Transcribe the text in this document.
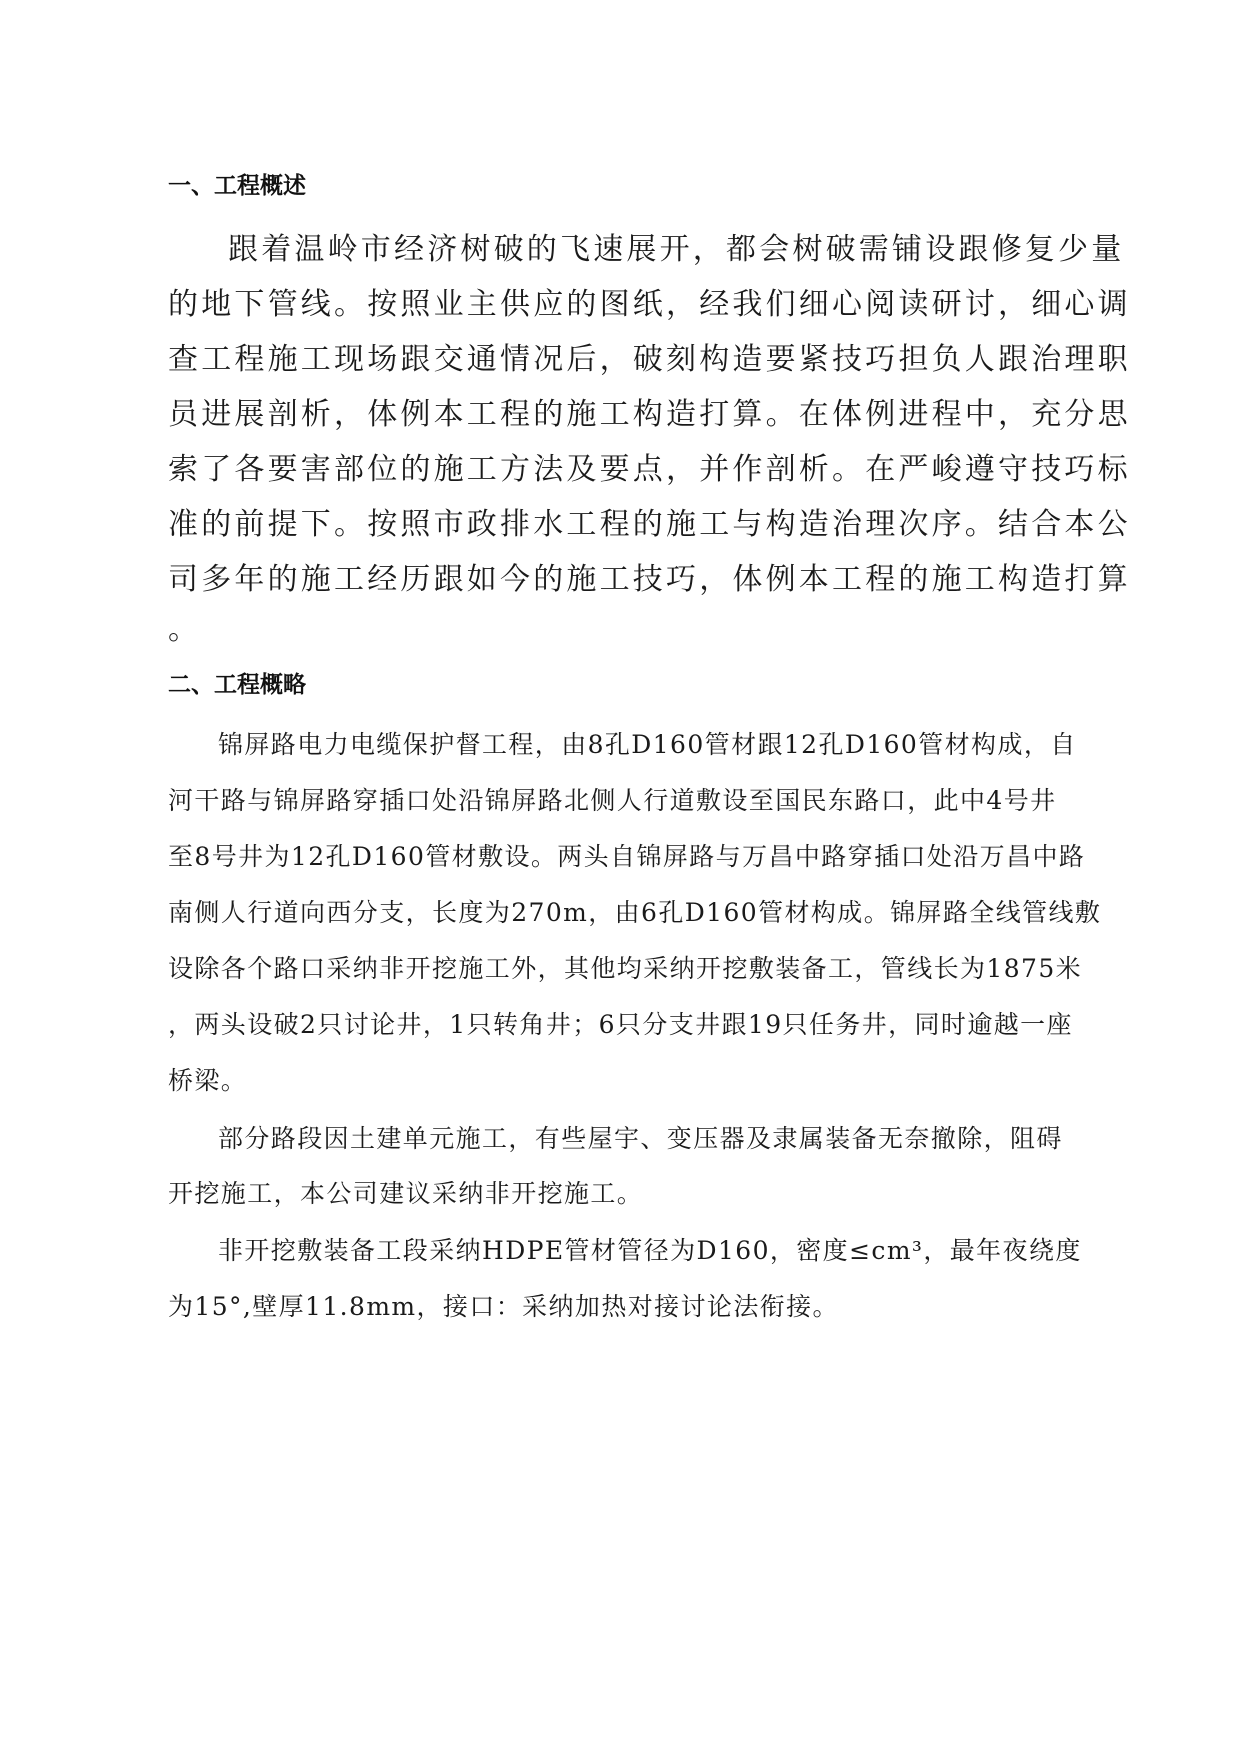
一、工程概述
跟着温岭市经济树破的飞速展开，都会树破需铺设跟修复少量
的地下管线。按照业主供应的图纸，经我们细心阅读研讨，细心调
查工程施工现场跟交通情况后，破刻构造要紧技巧担负人跟治理职
员进展剖析，体例本工程的施工构造打算。在体例进程中，充分思
索了各要害部位的施工方法及要点，并作剖析。在严峻遵守技巧标
准的前提下。按照市政排水工程的施工与构造治理次序。结合本公
司多年的施工经历跟如今的施工技巧，体例本工程的施工构造打算
。
二、工程概略
锦屏路电力电缆保护督工程，由8孔D160管材跟12孔D160管材构成，自
河干路与锦屏路穿插口处沿锦屏路北侧人行道敷设至国民东路口，此中4号井
至8号井为12孔D160管材敷设。两头自锦屏路与万昌中路穿插口处沿万昌中路
南侧人行道向西分支，长度为270m，由6孔D160管材构成。锦屏路全线管线敷
设除各个路口采纳非开挖施工外，其他均采纳开挖敷装备工，管线长为1875米
，两头设破2只讨论井，1只转角井；6只分支井跟19只任务井，同时逾越一座
桥梁。
部分路段因土建单元施工，有些屋宇、变压器及隶属装备无奈撤除，阻碍
开挖施工，本公司建议采纳非开挖施工。
非开挖敷装备工段采纳HDPE管材管径为D160，密度≤cm³，最年夜绕度
为15°,壁厚11.8mm，接口：采纳加热对接讨论法衔接。
